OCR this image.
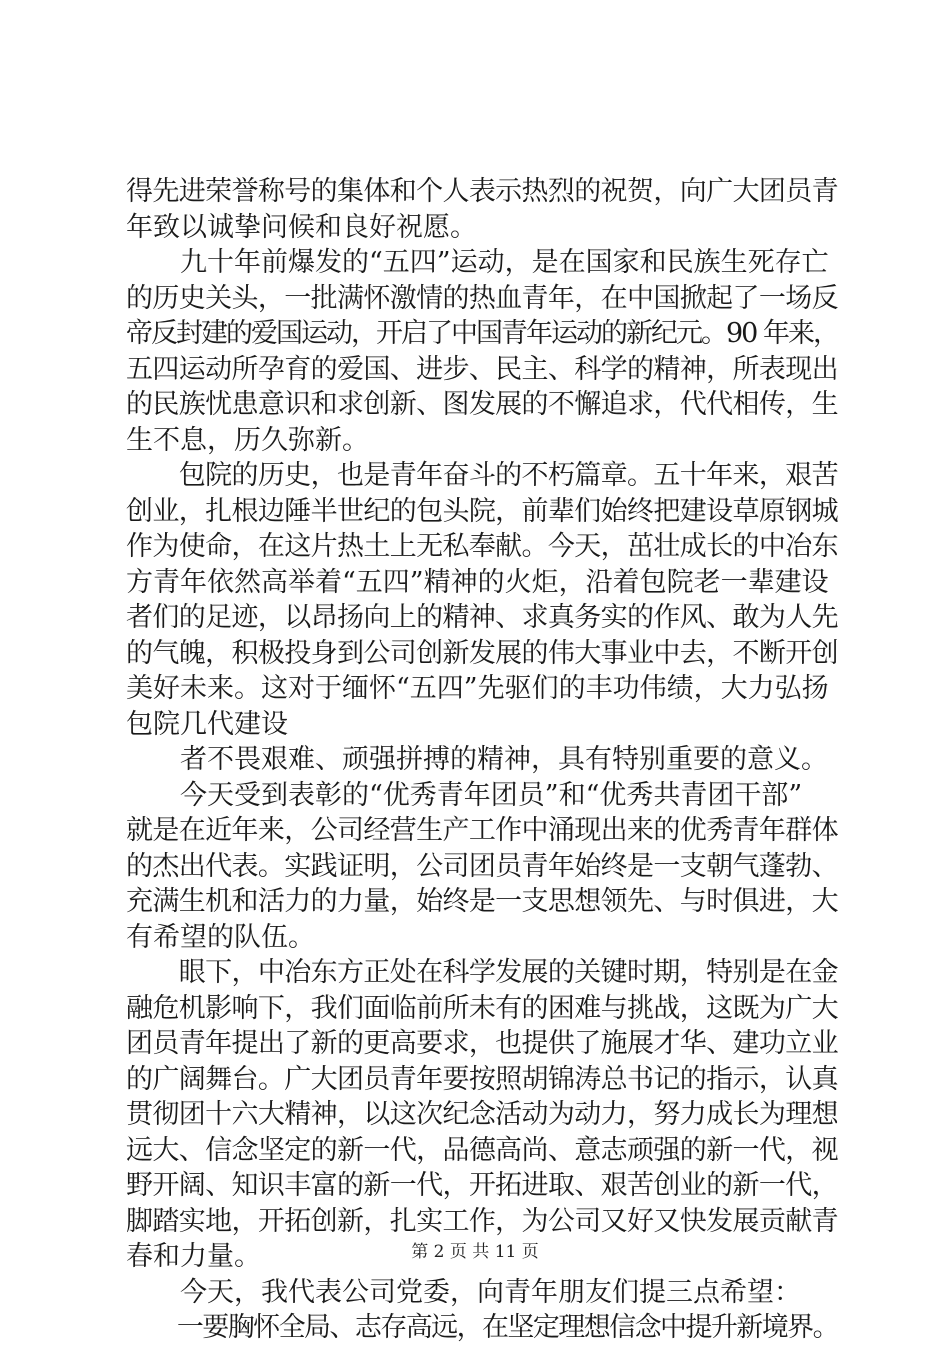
得先进荣誉称号的集体和个人表示热烈的祝贺，向广大团员青
年致以诚挚问候和良好祝愿。
　　九十年前爆发的“五四”运动，是在国家和民族生死存亡
的历史关头，一批满怀激情的热血青年，在中国掀起了一场反
帝反封建的爱国运动，开启了中国青年运动的新纪元。90 年来，
五四运动所孕育的爱国、进步、民主、科学的精神，所表现出
的民族忧患意识和求创新、图发展的不懈追求，代代相传，生
生不息，历久弥新。
　　包院的历史，也是青年奋斗的不朽篇章。五十年来，艰苦
创业，扎根边陲半世纪的包头院，前辈们始终把建设草原钢城
作为使命，在这片热土上无私奉献。今天，茁壮成长的中冶东
方青年依然高举着“五四”精神的火炬，沿着包院老一辈建设
者们的足迹，以昂扬向上的精神、求真务实的作风、敢为人先
的气魄，积极投身到公司创新发展的伟大事业中去，不断开创
美好未来。这对于缅怀“五四”先驱们的丰功伟绩，大力弘扬
包院几代建设
　　者不畏艰难、顽强拼搏的精神，具有特别重要的意义。
　　今天受到表彰的“优秀青年团员”和“优秀共青团干部”
就是在近年来，公司经营生产工作中涌现出来的优秀青年群体
的杰出代表。实践证明，公司团员青年始终是一支朝气蓬勃、
充满生机和活力的力量，始终是一支思想领先、与时俱进，大
有希望的队伍。
　　眼下，中冶东方正处在科学发展的关键时期，特别是在金
融危机影响下，我们面临前所未有的困难与挑战，这既为广大
团员青年提出了新的更高要求，也提供了施展才华、建功立业
的广阔舞台。广大团员青年要按照胡锦涛总书记的指示，认真
贯彻团十六大精神，以这次纪念活动为动力，努力成长为理想
远大、信念坚定的新一代，品德高尚、意志顽强的新一代，视
野开阔、知识丰富的新一代，开拓进取、艰苦创业的新一代，
脚踏实地，开拓创新，扎实工作，为公司又好又快发展贡献青
春和力量。
　　今天，我代表公司党委，向青年朋友们提三点希望：
　　一要胸怀全局、志存高远，在坚定理想信念中提升新境界。
第 2 页 共 11 页
